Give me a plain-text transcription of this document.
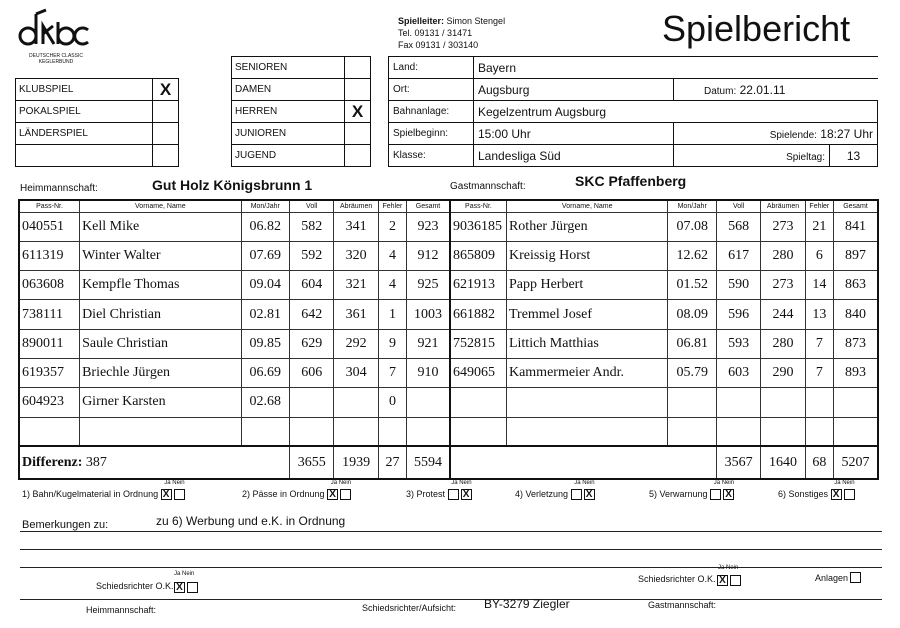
DEUTSCHER CLASSIC
KEGLERBUND
Spielleiter: Simon Stengel
Tel. 09131 / 31471
Fax 09131 / 303140	Spielbericht
KLUBSPIEL	X
POKALSPIEL	
LÄNDERSPIEL	

SENIOREN	
DAMEN	
HERREN	X
JUNIOREN	
JUGEND	
Land:	Bayern		
Ort:	Augsburg	Datum: 22.01.11	
Bahnanlage:	Kegelzentrum Augsburg		
Spielbeginn:	15:00 Uhr	Spielende: 18:27 Uhr	
Klasse:	Landesliga Süd	Spieltag:	13
Heimmannschaft:	Gut Holz Königsbrunn 1	Gastmannschaft:	SKC Pfaffenberg
Pass-Nr.	Vorname, Name	Mon/Jahr	Voll	Abräumen	Fehler	Gesamt	Pass-Nr.	Vorname, Name	Mon/Jahr	Voll	Abräumen	Fehler	Gesamt
040551	Kell Mike	06.82	582	341	2	923	9036185	Rother Jürgen	07.08	568	273	21	841
611319	Winter Walter	07.69	592	320	4	912	865809	Kreissig Horst	12.62	617	280	6	897
063608	Kempfle Thomas	09.04	604	321	4	925	621913	Papp Herbert	01.52	590	273	14	863
738111	Diel Christian	02.81	642	361	1	1003	661882	Tremmel Josef	08.09	596	244	13	840
890011	Saule Christian	09.85	629	292	9	921	752815	Littich Matthias	06.81	593	280	7	873
619357	Briechle Jürgen	06.69	606	304	7	910	649065	Kammermeier Andr.	05.79	603	290	7	893
604923	Girner Karsten	02.68			0								

Differenz: 387			3655	1939	27	5594				3567	1640	68	5207
Ja Nein
1) Bahn/Kugelmaterial in Ordnung X
Ja Nein
2) Pässe in Ordnung X
Ja Nein
3) Protest X
Ja Nein
4) Verletzung X
Ja Nein
5) Verwarnung X
Ja Nein
6) Sonstiges X
Bemerkungen zu:	zu 6) Werbung und e.K. in Ordnung
Ja Nein
Schiedsrichter O.K. X
Ja Nein
Schiedsrichter O.K. X	Anlagen
Heimmannschaft:	Schiedsrichter/Aufsicht: BY-3279 Ziegler	Gastmannschaft:
